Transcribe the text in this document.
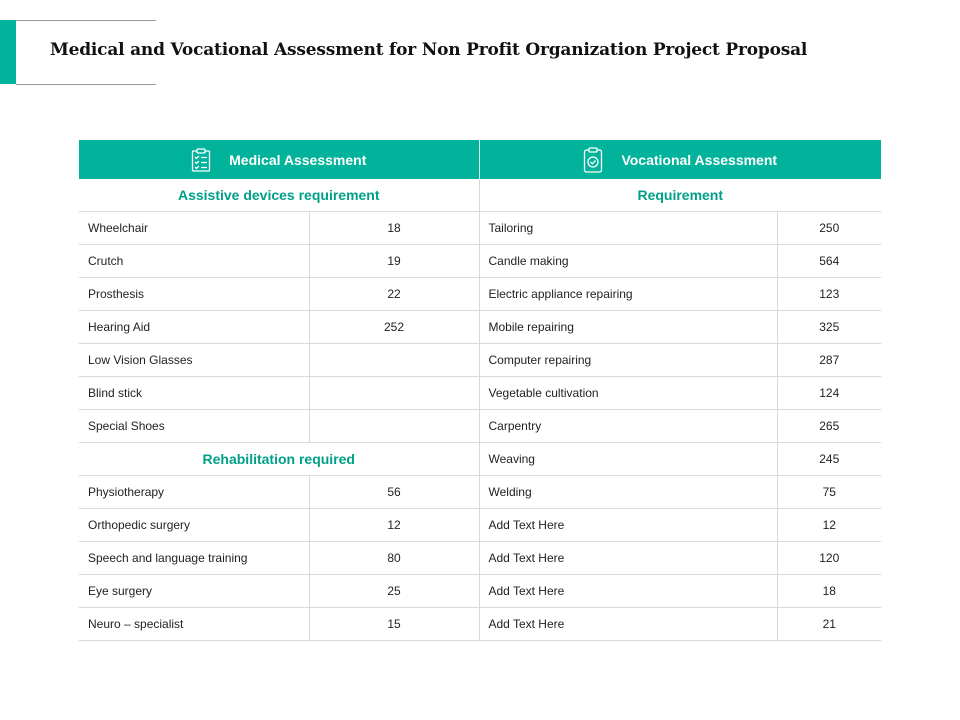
Medical and Vocational Assessment for Non Profit Organization Project Proposal
Medical Assessment		Vocational Assessment	

Assistive devices requirement		Requirement	
Wheelchair	18	Tailoring	250
Crutch	19	Candle making	564
Prosthesis	22	Electric appliance repairing	123
Hearing Aid	252	Mobile repairing	325
Low Vision Glasses		Computer repairing	287
Blind stick		Vegetable cultivation	124
Special Shoes		Carpentry	265
Rehabilitation required		Weaving	245
Physiotherapy	56	Welding	75
Orthopedic surgery	12	Add Text Here	12
Speech and language training	80	Add Text Here	120
Eye surgery	25	Add Text Here	18
Neuro – specialist	15	Add Text Here	21
